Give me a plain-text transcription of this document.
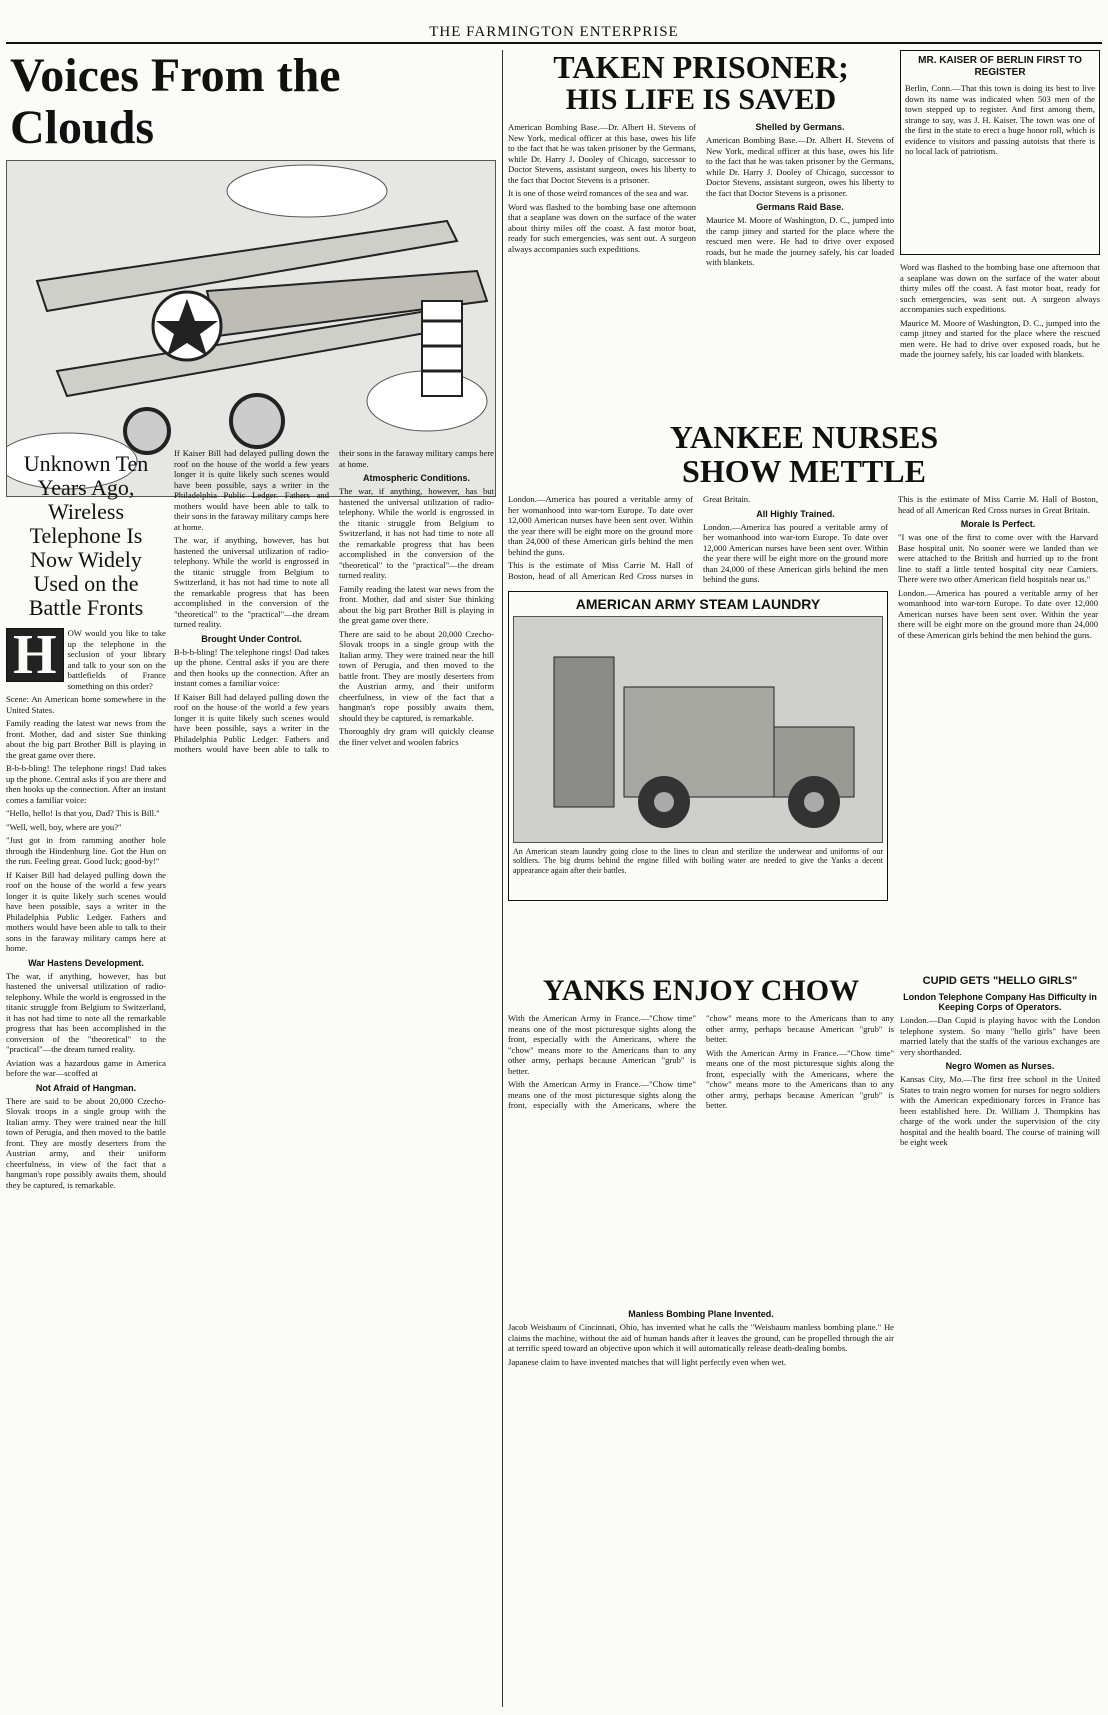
THE FARMINGTON ENTERPRISE
Voices From the Clouds
Unknown Ten Years Ago, Wireless Telephone Is Now Widely Used on the Battle Fronts
H	OW would you like to take up the telephone in the seclusion of your library and talk to your son on the battlefields of France something on this order?

Scene: An American home somewhere in the United States.

Family reading the latest war news from the front. Mother, dad and sister Sue thinking about the big part Brother Bill is playing in the great game over there.

B-b-b-bling! The telephone rings! Dad takes up the phone. Central asks if you are there and then hooks up the connection. After an instant comes a familiar voice:

"Hello, hello! Is that you, Dad? This is Bill."

"Well, well, boy, where are you?"

"Just got in from ramming another hole through the Hindenburg line. Got the Hun on the run. Feeling great. Good luck; good-by!"

If Kaiser Bill had delayed pulling down the roof on the house of the world a few years longer it is quite likely such scenes would have been possible, says a writer in the Philadelphia Public Ledger. Fathers and mothers would have been able to talk to their sons in the faraway military camps here at home.

War Hastens Development.

The war, if anything, however, has but hastened the universal utilization of radio-telephony. While the world is engrossed in the titanic struggle from Belgium to Switzerland, it has not had time to note all the remarkable progress that has been accomplished in the conversion of the "theoretical" to the "practical"—the dream turned reality.

Aviation was a hazardous game in America before the war—scoffed at

Not Afraid of Hangman.

There are said to be about 20,000 Czecho-Slovak troops in a single group with the Italian army. They were trained near the hill town of Perugia, and then moved to the battle front. They are mostly deserters from the Austrian army, and their uniform cheerfulness, in view of the fact that a hangman's rope possibly awaits them, should they be captured, is remarkable.

If Kaiser Bill had delayed pulling down the roof on the house of the world a few years longer it is quite likely such scenes would have been possible, says a writer in the Philadelphia Public Ledger. Fathers and mothers would have been able to talk to their sons in the faraway military camps here at home.

The war, if anything, however, has but hastened the universal utilization of radio-telephony. While the world is engrossed in the titanic struggle from Belgium to Switzerland, it has not had time to note all the remarkable progress that has been accomplished in the conversion of the "theoretical" to the "practical"—the dream turned reality.

Brought Under Control.

B-b-b-bling! The telephone rings! Dad takes up the phone. Central asks if you are there and then hooks up the connection. After an instant comes a familiar voice:

If Kaiser Bill had delayed pulling down the roof on the house of the world a few years longer it is quite likely such scenes would have been possible, says a writer in the Philadelphia Public Ledger. Fathers and mothers would have been able to talk to their sons in the faraway military camps here at home.

Atmospheric Conditions.

The war, if anything, however, has but hastened the universal utilization of radio-telephony. While the world is engrossed in the titanic struggle from Belgium to Switzerland, it has not had time to note all the remarkable progress that has been accomplished in the conversion of the "theoretical" to the "practical"—the dream turned reality.

Family reading the latest war news from the front. Mother, dad and sister Sue thinking about the big part Brother Bill is playing in the great game over there.

There are said to be about 20,000 Czecho-Slovak troops in a single group with the Italian army. They were trained near the hill town of Perugia, and then moved to the battle front. They are mostly deserters from the Austrian army, and their uniform cheerfulness, in view of the fact that a hangman's rope possibly awaits them, should they be captured, is remarkable.

Thoroughly dry gram will quickly cleanse the finer velvet and woolen fabrics

TAKEN PRISONER;
HIS LIFE IS SAVED

American Bombing Base.—Dr. Albert H. Stevens of New York, medical officer at this base, owes his life to the fact that he was taken prisoner by the Germans, while Dr. Harry J. Dooley of Chicago, successor to Doctor Stevens, assistant surgeon, owes his liberty to the fact that Doctor Stevens is a prisoner.

It is one of those weird romances of the sea and war.

Word was flashed to the bombing base one afternoon that a seaplane was down on the surface of the water about thirty miles off the coast. A fast motor boat, ready for such emergencies, was sent out. A surgeon always accompanies such expeditions.

Shelled by Germans.

American Bombing Base.—Dr. Albert H. Stevens of New York, medical officer at this base, owes his life to the fact that he was taken prisoner by the Germans, while Dr. Harry J. Dooley of Chicago, successor to Doctor Stevens, assistant surgeon, owes his liberty to the fact that Doctor Stevens is a prisoner.

Germans Raid Base.

Maurice M. Moore of Washington, D. C., jumped into the camp jitney and started for the place where the rescued men were. He had to drive over exposed roads, but he made the journey safely, his car loaded with blankets.

MR. KAISER OF BERLIN FIRST TO REGISTER

Berlin, Conn.—That this town is doing its best to live down its name was indicated when 503 men of the town stepped up to register. And first among them, strange to say, was J. H. Kaiser. The town was one of the first in the state to erect a huge honor roll, which is evidence to visitors and passing autoists that there is no local lack of patriotism.

Word was flashed to the bombing base one afternoon that a seaplane was down on the surface of the water about thirty miles off the coast. A fast motor boat, ready for such emergencies, was sent out. A surgeon always accompanies such expeditions.

Maurice M. Moore of Washington, D. C., jumped into the camp jitney and started for the place where the rescued men were. He had to drive over exposed roads, but he made the journey safely, his car loaded with blankets.

YANKEE NURSES
SHOW METTLE

London.—America has poured a veritable army of her womanhood into war-torn Europe. To date over 12,000 American nurses have been sent over. Within the year there will be eight more on the ground more than 24,000 of these American girls behind the men behind the guns.

This is the estimate of Miss Carrie M. Hall of Boston, head of all American Red Cross nurses in Great Britain.

All Highly Trained.

London.—America has poured a veritable army of her womanhood into war-torn Europe. To date over 12,000 American nurses have been sent over. Within the year there will be eight more on the ground more than 24,000 of these American girls behind the men behind the guns.

AMERICAN ARMY STEAM LAUNDRY
An American steam laundry going close to the lines to clean and sterilize the underwear and uniforms of our soldiers. The big drums behind the engine filled with boiling water are needed to give the Yanks a decent appearance again after their battles.

This is the estimate of Miss Carrie M. Hall of Boston, head of all American Red Cross nurses in Great Britain.

Morale Is Perfect.

"I was one of the first to come over with the Harvard Base hospital unit. No sooner were we landed than we were attached to the British and hurried up to the front line to staff a little tented hospital city near Camiers. There were two other American field hospitals near us."

London.—America has poured a veritable army of her womanhood into war-torn Europe. To date over 12,000 American nurses have been sent over. Within the year there will be eight more on the ground more than 24,000 of these American girls behind the men behind the guns.

YANKS ENJOY CHOW

With the American Army in France.—"Chow time" means one of the most picturesque sights along the front, especially with the Americans, where the "chow" means more to the Americans than to any other army, perhaps because American "grub" is better.

With the American Army in France.—"Chow time" means one of the most picturesque sights along the front, especially with the Americans, where the "chow" means more to the Americans than to any other army, perhaps because American "grub" is better.

With the American Army in France.—"Chow time" means one of the most picturesque sights along the front, especially with the Americans, where the "chow" means more to the Americans than to any other army, perhaps because American "grub" is better.

CUPID GETS "HELLO GIRLS"
London Telephone Company Has Difficulty in Keeping Corps of Operators.

London.—Dan Cupid is playing havoc with the London telephone system. So many "hello girls" have been married lately that the staffs of the various exchanges are very shorthanded.

Negro Women as Nurses.

Kansas City, Mo.—The first free school in the United States to train negro women for nurses for negro soldiers with the American expeditionary forces in France has been established here. Dr. William J. Thompkins has charge of the work under the supervision of the city hospital and the health board. The course of training will be eight week

Manless Bombing Plane Invented.

Jacob Weisbaum of Cincinnati, Ohio, has invented what he calls the "Weisbaum manless bombing plane." He claims the machine, without the aid of human hands after it leaves the ground, can be propelled through the air at terrific speed toward an objective upon which it will automatically release death-dealing bombs.

Japanese claim to have invented matches that will light perfectly even when wet.
